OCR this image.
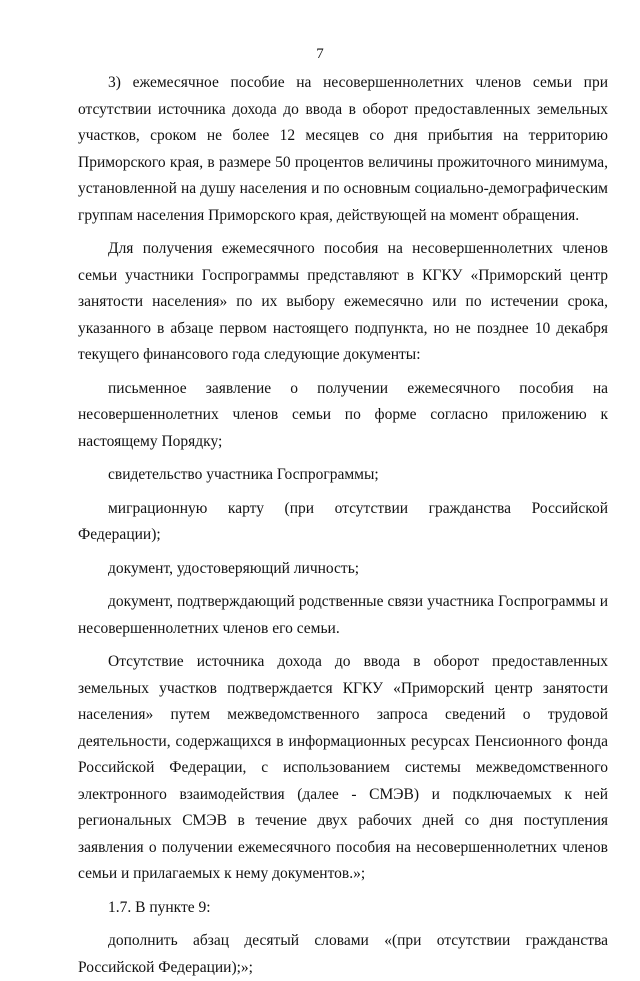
7

3) ежемесячное пособие на несовершеннолетних членов семьи при отсутствии источника дохода до ввода в оборот предоставленных земельных участков, сроком не более 12 месяцев со дня прибытия на территорию Приморского края, в размере 50 процентов величины прожиточного минимума, установленной на душу населения и по основным социально-демографическим группам населения Приморского края, действующей на момент обращения.

Для получения ежемесячного пособия на несовершеннолетних членов семьи участники Госпрограммы представляют в КГКУ «Приморский центр занятости населения» по их выбору ежемесячно или по истечении срока, указанного в абзаце первом настоящего подпункта, но не позднее 10 декабря текущего финансового года следующие документы:

письменное заявление о получении ежемесячного пособия на несовершеннолетних членов семьи по форме согласно приложению к настоящему Порядку;

свидетельство участника Госпрограммы;

миграционную карту (при отсутствии гражданства Российской Федерации);

документ, удостоверяющий личность;

документ, подтверждающий родственные связи участника Госпрограммы и несовершеннолетних членов его семьи.

Отсутствие источника дохода до ввода в оборот предоставленных земельных участков подтверждается КГКУ «Приморский центр занятости населения» путем межведомственного запроса сведений о трудовой деятельности, содержащихся в информационных ресурсах Пенсионного фонда Российской Федерации, с использованием системы межведомственного электронного взаимодействия (далее - СМЭВ) и подключаемых к ней региональных СМЭВ в течение двух рабочих дней со дня поступления заявления о получении ежемесячного пособия на несовершеннолетних членов семьи и прилагаемых к нему документов.»;

1.7. В пункте 9:

дополнить абзац десятый словами «(при отсутствии гражданства Российской Федерации);»;
